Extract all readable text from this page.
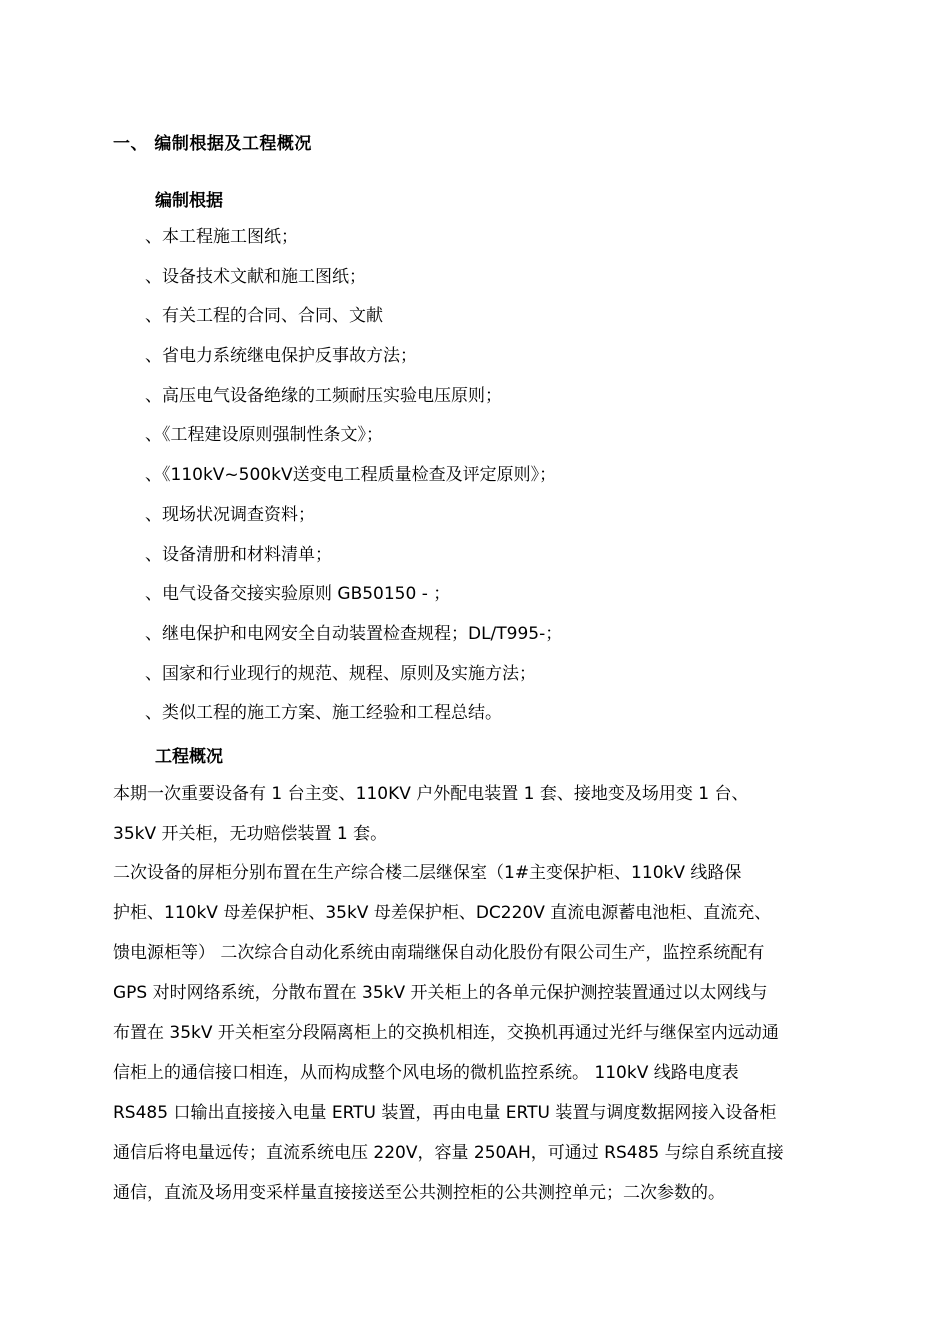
一、 编制根据及工程概况
编制根据
、本工程施工图纸；
、设备技术文献和施工图纸；
、有关工程的合同、合同、文献
、省电力系统继电保护反事故方法；
、高压电气设备绝缘的工频耐压实验电压原则；
、《工程建设原则强制性条文》；
、《110kV~500kV送变电工程质量检查及评定原则》；
、现场状况调查资料；
、设备清册和材料清单；
、电气设备交接实验原则 GB50150 - ；
、继电保护和电网安全自动装置检查规程；DL/T995-；
、国家和行业现行的规范、规程、原则及实施方法；
、类似工程的施工方案、施工经验和工程总结。
工程概况

本期一次重要设备有 1 台主变、110KV 户外配电装置 1 套、接地变及场用变 1 台、
35kV 开关柜，无功赔偿装置 1 套。

二次设备的屏柜分别布置在生产综合楼二层继保室（1#主变保护柜、110kV 线路保
护柜、110kV 母差保护柜、35kV 母差保护柜、DC220V 直流电源蓄电池柜、直流充、
馈电源柜等） 二次综合自动化系统由南瑞继保自动化股份有限公司生产，监控系统配有
GPS 对时网络系统，分散布置在 35kV 开关柜上的各单元保护测控装置通过以太网线与
布置在 35kV 开关柜室分段隔离柜上的交换机相连，交换机再通过光纤与继保室内远动通
信柜上的通信接口相连，从而构成整个风电场的微机监控系统。 110kV 线路电度表
RS485 口输出直接接入电量 ERTU 装置，再由电量 ERTU 装置与调度数据网接入设备柜
通信后将电量远传；直流系统电压 220V，容量 250AH，可通过 RS485 与综自系统直接
通信，直流及场用变采样量直接接送至公共测控柜的公共测控单元；二次参数的。
